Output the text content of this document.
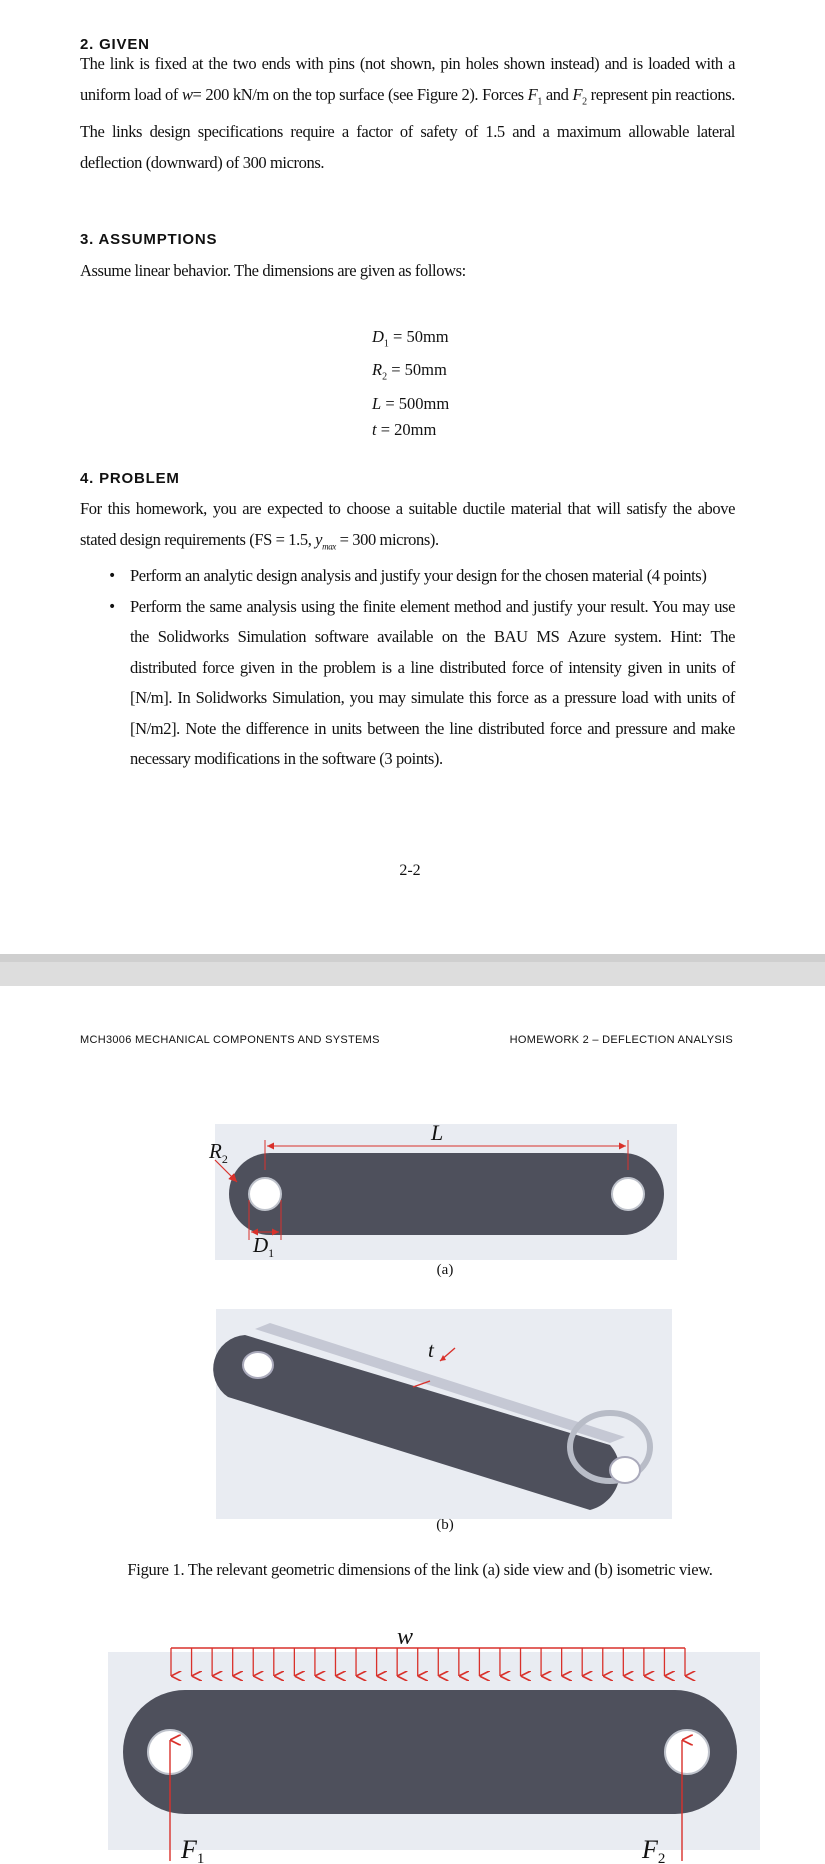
2. GIVEN
The link is fixed at the two ends with pins (not shown, pin holes shown instead) and is loaded with a uniform load of w= 200 kN/m on the top surface (see Figure 2). Forces $F_1$ and $F_2$ represent pin reactions. The links design specifications require a factor of safety of 1.5 and a maximum allowable lateral deflection (downward) of 300 microns.
3. ASSUMPTIONS
Assume linear behavior. The dimensions are given as follows:
$D_1 = 50mm$
$R_2 = 50mm$
L = 500mm
t = 20mm
4. PROBLEM
For this homework, you are expected to choose a suitable ductile material that will satisfy the above stated design requirements (FS = 1.5, $y_{max} = 300$ microns).
• Perform an analytic design analysis and justify your design for the chosen material (4 points)
• Perform the same analysis using the finite element method and justify your result. You may use the Solidworks Simulation software available on the BAU MS Azure system. Hint: The distributed force given in the problem is a line distributed force of intensity given in units of [N/m]. In Solidworks Simulation, you may simulate this force as a pressure load with units of [N/m2]. Note the difference in units between the line distributed force and pressure and make necessary modifications in the software (3 points).
2-2
MCH3006 MECHANICAL COMPONENTS AND SYSTEMS	HOMEWORK 2 – DEFLECTION ANALYSIS
L
$R_2$
$D_1$
(a)
t
(b)
Figure 1. The relevant geometric dimensions of the link (a) side view and (b) isometric view.
w
F1	F2
